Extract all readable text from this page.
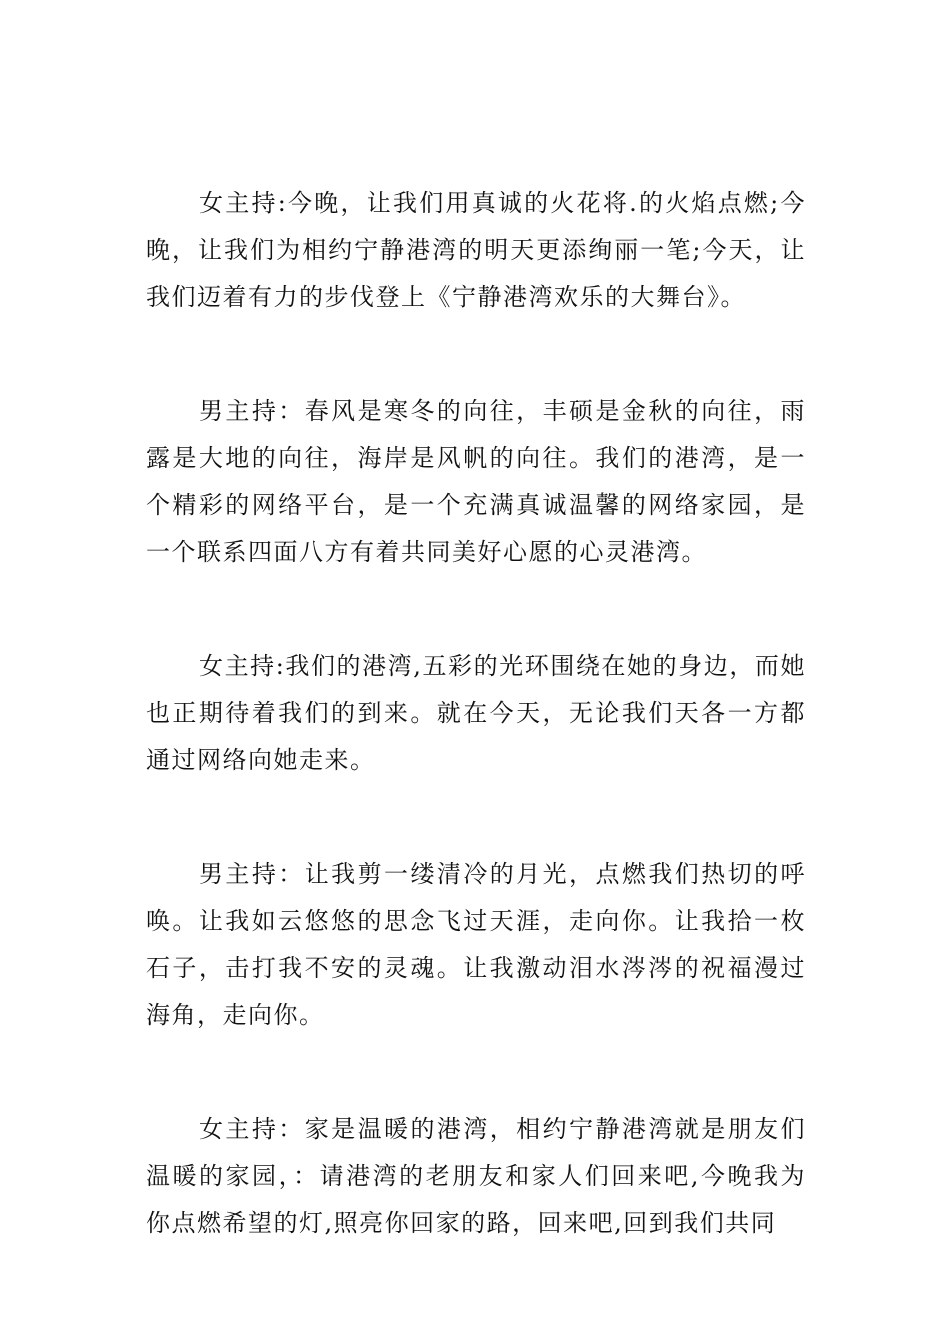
女主持:今晚，让我们用真诚的火花将.的火焰点燃;今晚，让我们为相约宁静港湾的明天更添绚丽一笔;今天，让我们迈着有力的步伐登上《宁静港湾欢乐的大舞台》。

男主持：春风是寒冬的向往，丰硕是金秋的向往，雨露是大地的向往，海岸是风帆的向往。我们的港湾，是一个精彩的网络平台，是一个充满真诚温馨的网络家园，是一个联系四面八方有着共同美好心愿的心灵港湾。

女主持:我们的港湾,五彩的光环围绕在她的身边，而她也正期待着我们的到来。就在今天，无论我们天各一方都通过网络向她走来。

男主持：让我剪一缕清冷的月光，点燃我们热切的呼唤。让我如云悠悠的思念飞过天涯，走向你。让我拾一枚石子，击打我不安的灵魂。让我激动泪水涔涔的祝福漫过海角，走向你。

女主持：家是温暖的港湾，相约宁静港湾就是朋友们温暖的家园，：请港湾的老朋友和家人们回来吧,今晚我为你点燃希望的灯,照亮你回家的路，回来吧,回到我们共同
